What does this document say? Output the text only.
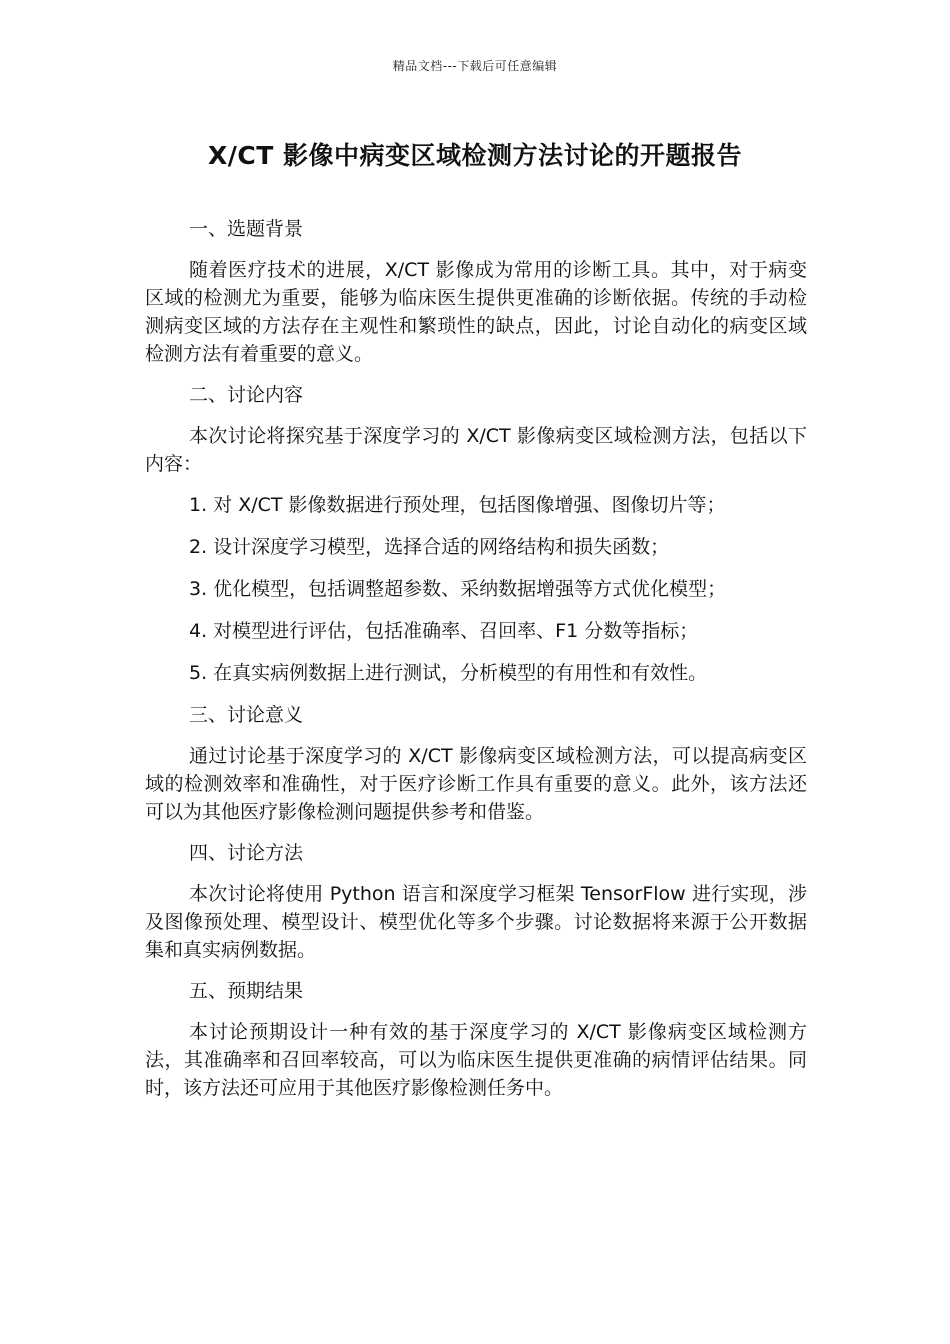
精品文档---下载后可任意编辑
X/CT 影像中病变区域检测方法讨论的开题报告

一、选题背景

随着医疗技术的进展，X/CT 影像成为常用的诊断工具。其中，对于病变区域的检测尤为重要，能够为临床医生提供更准确的诊断依据。传统的手动检测病变区域的方法存在主观性和繁琐性的缺点，因此，讨论自动化的病变区域检测方法有着重要的意义。

二、讨论内容

本次讨论将探究基于深度学习的 X/CT 影像病变区域检测方法，包括以下内容：

1. 对 X/CT 影像数据进行预处理，包括图像增强、图像切片等；

2. 设计深度学习模型，选择合适的网络结构和损失函数；

3. 优化模型，包括调整超参数、采纳数据增强等方式优化模型；

4. 对模型进行评估，包括准确率、召回率、F1 分数等指标；

5. 在真实病例数据上进行测试，分析模型的有用性和有效性。

三、讨论意义

通过讨论基于深度学习的 X/CT 影像病变区域检测方法，可以提高病变区域的检测效率和准确性，对于医疗诊断工作具有重要的意义。此外，该方法还可以为其他医疗影像检测问题提供参考和借鉴。

四、讨论方法

本次讨论将使用 Python 语言和深度学习框架 TensorFlow 进行实现，涉及图像预处理、模型设计、模型优化等多个步骤。讨论数据将来源于公开数据集和真实病例数据。

五、预期结果

本讨论预期设计一种有效的基于深度学习的 X/CT 影像病变区域检测方法，其准确率和召回率较高，可以为临床医生提供更准确的病情评估结果。同时，该方法还可应用于其他医疗影像检测任务中。
